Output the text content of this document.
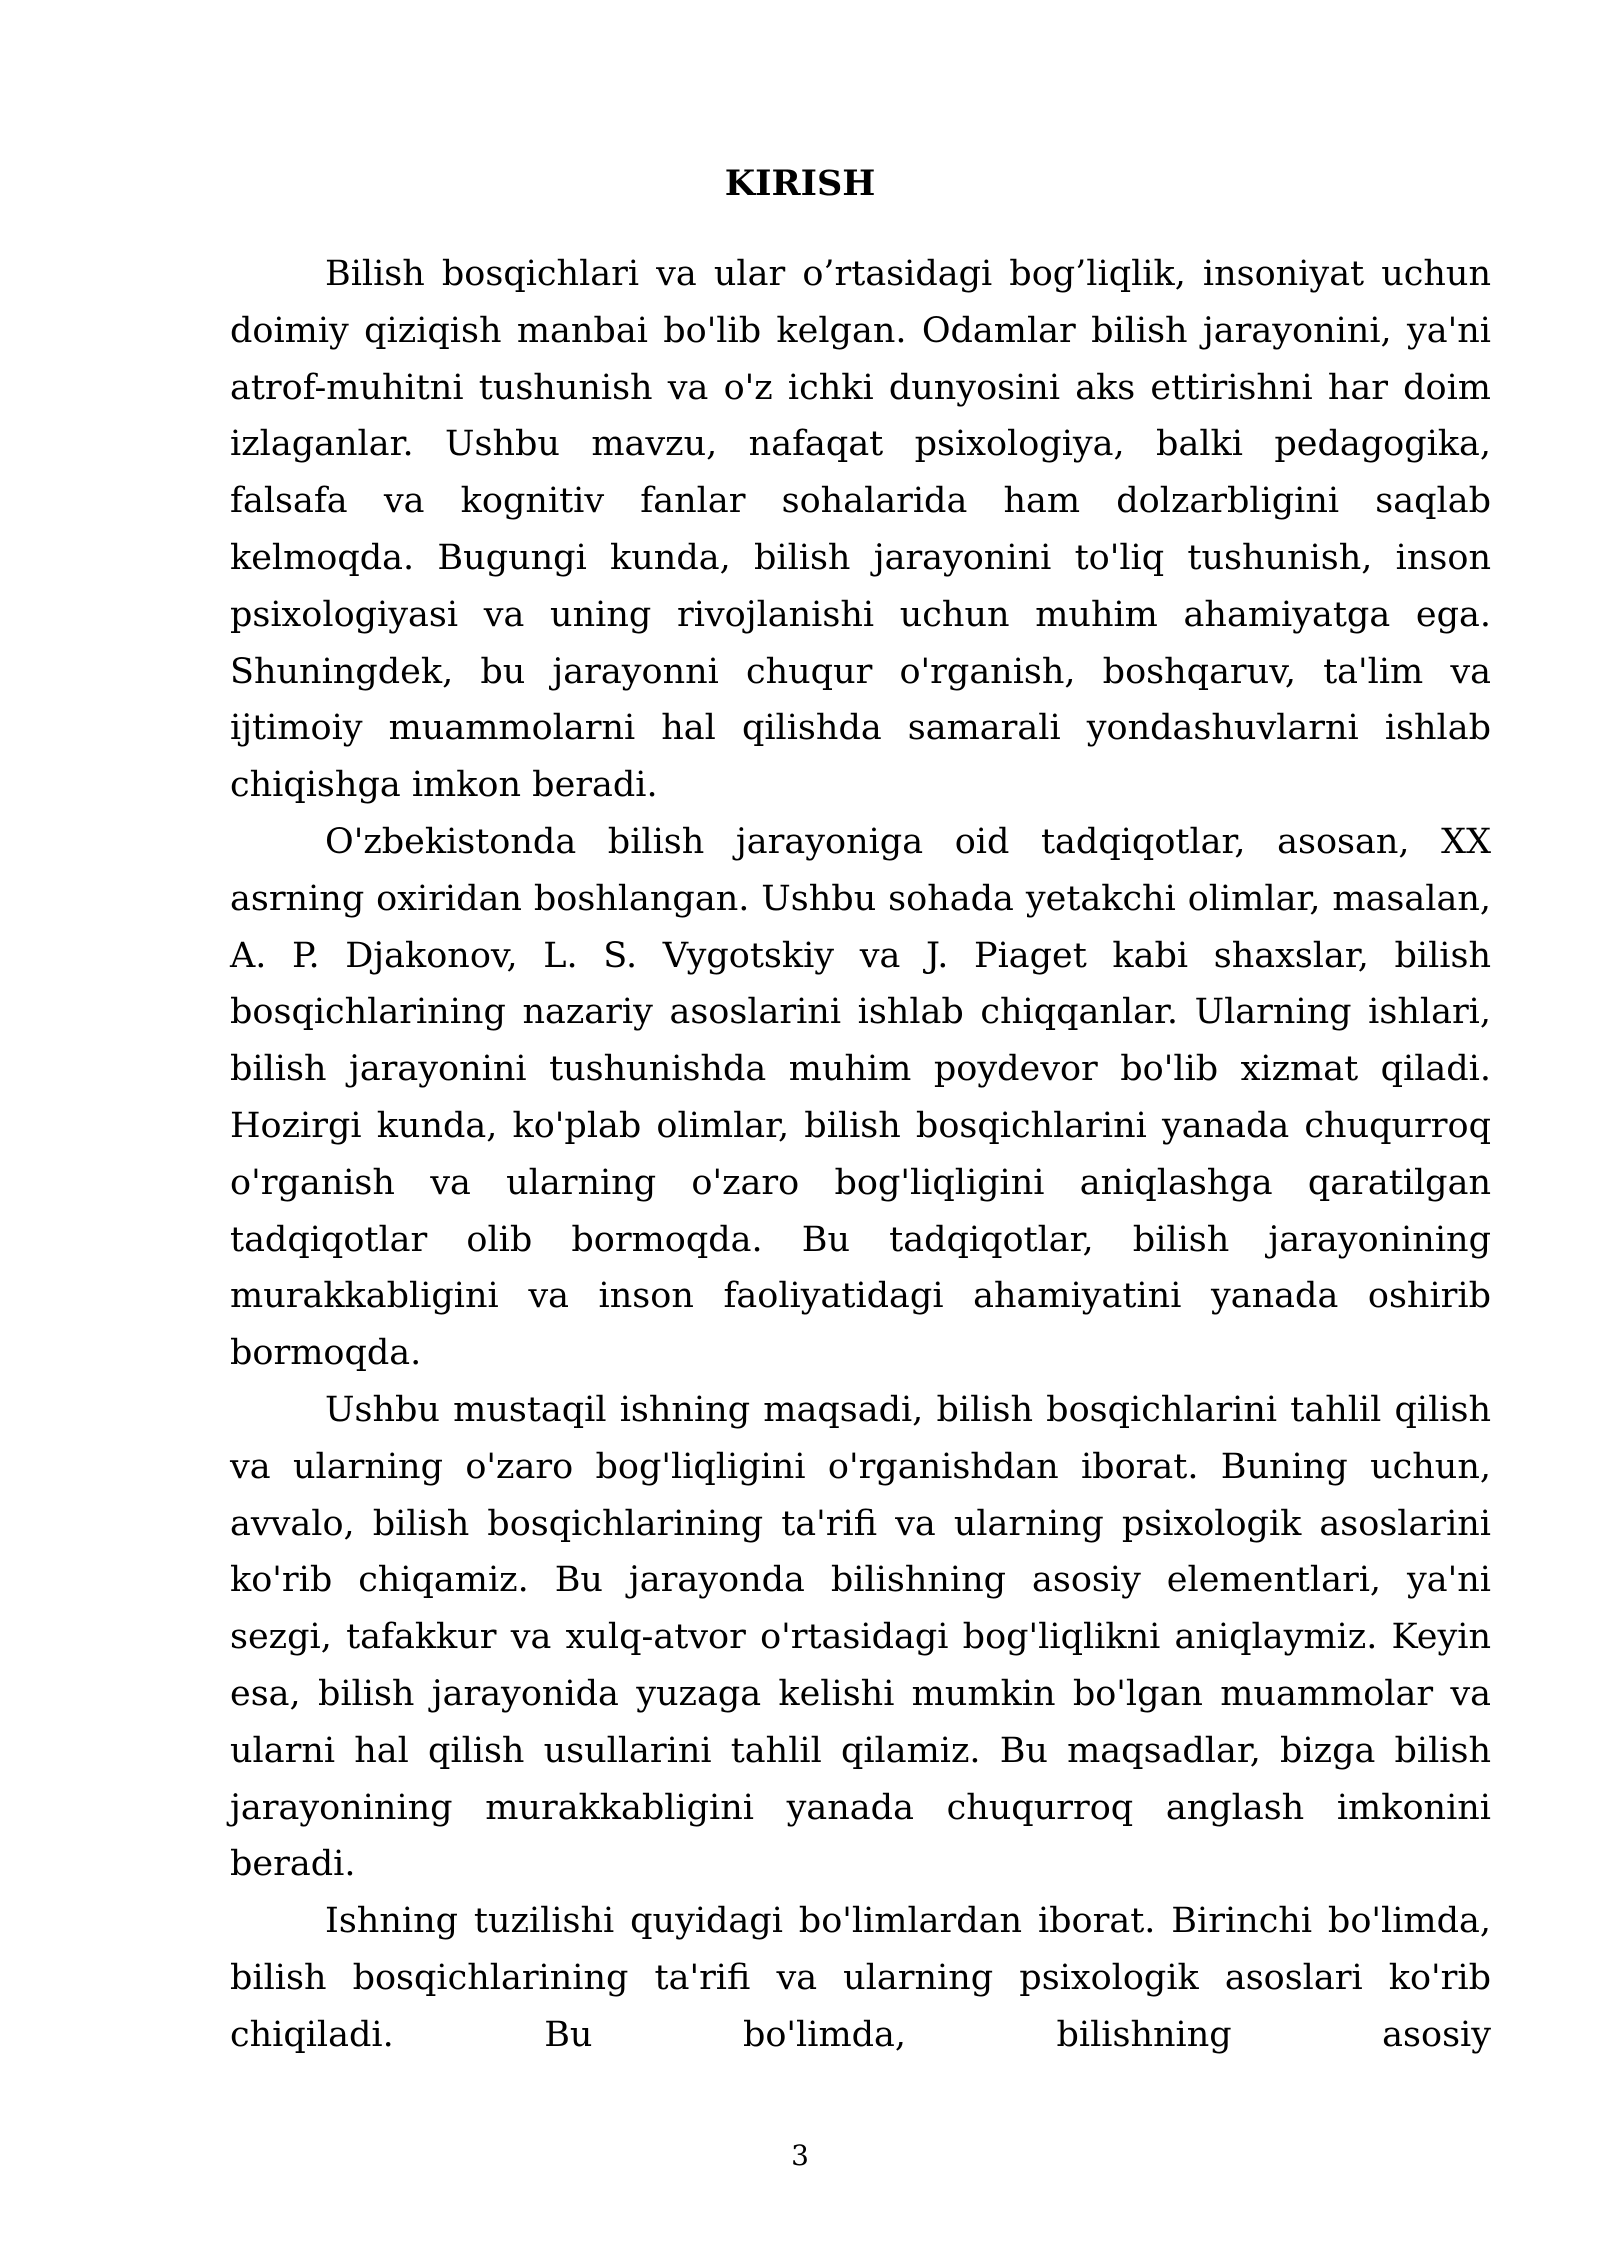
KIRISH

Bilish bosqichlari va ular o’rtasidagi bog’liqlik, insoniyat uchun doimiy qiziqish manbai bo'lib kelgan. Odamlar bilish jarayonini, ya'ni atrof-muhitni tushunish va o'z ichki dunyosini aks ettirishni har doim izlaganlar. Ushbu mavzu, nafaqat psixologiya, balki pedagogika, falsafa va kognitiv fanlar sohalarida ham dolzarbligini saqlab kelmoqda. Bugungi kunda, bilish jarayonini to'liq tushunish, inson psixologiyasi va uning rivojlanishi uchun muhim ahamiyatga ega. Shuningdek, bu jarayonni chuqur o'rganish, boshqaruv, ta'lim va ijtimoiy muammolarni hal qilishda samarali yondashuvlarni ishlab chiqishga imkon beradi.

O'zbekistonda bilish jarayoniga oid tadqiqotlar, asosan, XX asrning oxiridan boshlangan. Ushbu sohada yetakchi olimlar, masalan, A. P. Djakonov, L. S. Vygotskiy va J. Piaget kabi shaxslar, bilish bosqichlarining nazariy asoslarini ishlab chiqqanlar. Ularning ishlari, bilish jarayonini tushunishda muhim poydevor bo'lib xizmat qiladi. Hozirgi kunda, ko'plab olimlar, bilish bosqichlarini yanada chuqurroq o'rganish va ularning o'zaro bog'liqligini aniqlashga qaratilgan tadqiqotlar olib bormoqda. Bu tadqiqotlar, bilish jarayonining murakkabligini va inson faoliyatidagi ahamiyatini yanada oshirib bormoqda.

Ushbu mustaqil ishning maqsadi, bilish bosqichlarini tahlil qilish va ularning o'zaro bog'liqligini o'rganishdan iborat. Buning uchun, avvalo, bilish bosqichlarining ta'rifi va ularning psixologik asoslarini ko'rib chiqamiz. Bu jarayonda bilishning asosiy elementlari, ya'ni sezgi, tafakkur va xulq-atvor o'rtasidagi bog'liqlikni aniqlaymiz. Keyin esa, bilish jarayonida yuzaga kelishi mumkin bo'lgan muammolar va ularni hal qilish usullarini tahlil qilamiz. Bu maqsadlar, bizga bilish jarayonining murakkabligini yanada chuqurroq anglash imkonini beradi.

Ishning tuzilishi quyidagi bo'limlardan iborat. Birinchi bo'limda, bilish bosqichlarining ta'rifi va ularning psixologik asoslari ko'rib chiqiladi. Bu bo'limda, bilishning asosiy

3
